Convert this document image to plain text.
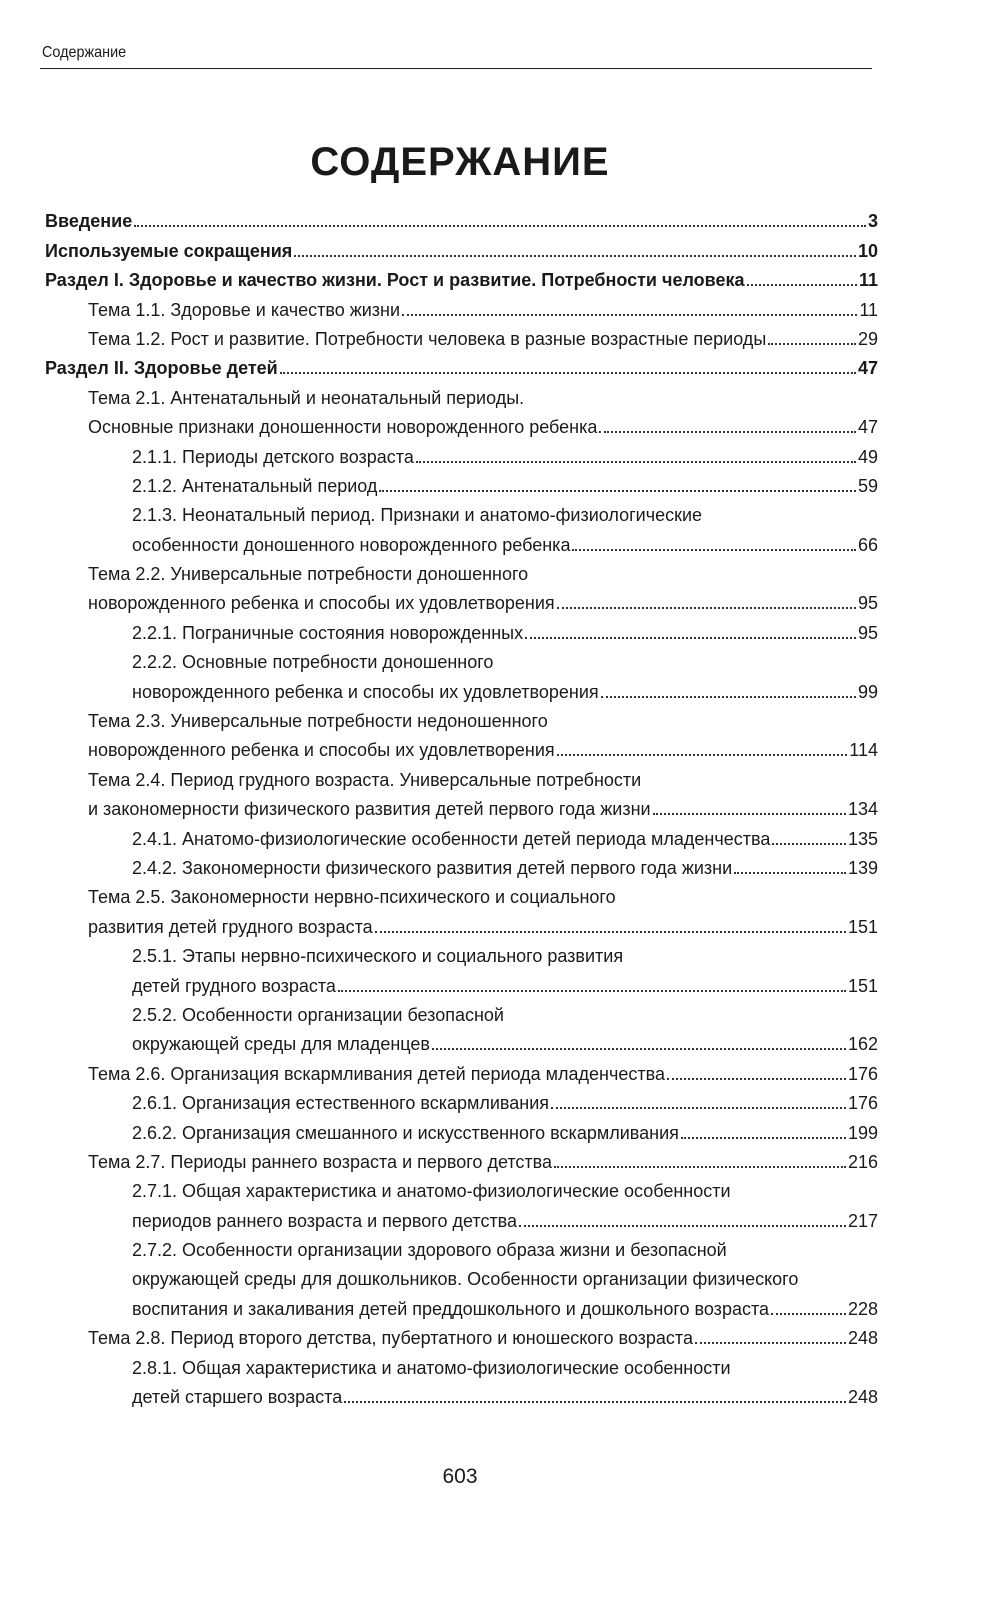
Содержание
СОДЕРЖАНИЕ
Введение	3
Используемые сокращения	10
Раздел I. Здоровье и качество жизни. Рост и развитие. Потребности человека	11
Тема 1.1. Здоровье и качество жизни	11
Тема 1.2. Рост и развитие. Потребности человека в разные возрастные периоды	29
Раздел II. Здоровье детей	47
Тема 2.1. Антенатальный и неонатальный периоды.
Основные признаки доношенности новорожденного ребенка.	47
2.1.1. Периоды детского возраста	49
2.1.2. Антенатальный период	59
2.1.3. Неонатальный период. Признаки и анатомо-физиологические
особенности доношенного новорожденного ребенка	66
Тема 2.2. Универсальные потребности доношенного
новорожденного ребенка и способы их удовлетворения	95
2.2.1. Пограничные состояния новорожденных	95
2.2.2. Основные потребности доношенного
новорожденного ребенка и способы их удовлетворения	99
Тема 2.3. Универсальные потребности недоношенного
новорожденного ребенка и способы их удовлетворения	114
Тема 2.4. Период грудного возраста. Универсальные потребности
и закономерности физического развития детей первого года жизни	134
2.4.1. Анатомо-физиологические особенности детей периода младенчества	135
2.4.2. Закономерности физического развития детей первого года жизни	139
Тема 2.5. Закономерности нервно-психического и социального
развития детей грудного возраста	151
2.5.1. Этапы нервно-психического и социального развития
детей грудного возраста	151
2.5.2. Особенности организации безопасной
окружающей среды для младенцев	162
Тема 2.6. Организация вскармливания детей периода младенчества	176
2.6.1. Организация естественного вскармливания	176
2.6.2. Организация смешанного и искусственного вскармливания	199
Тема 2.7. Периоды раннего возраста и первого детства	216
2.7.1. Общая характеристика и анатомо-физиологические особенности
периодов раннего возраста и первого детства	217
2.7.2. Особенности организации здорового образа жизни и безопасной
окружающей среды для дошкольников. Особенности организации физического
воспитания и закаливания детей преддошкольного и дошкольного возраста	228
Тема 2.8. Период второго детства, пубертатного и юношеского возраста	248
2.8.1. Общая характеристика и анатомо-физиологические особенности
детей старшего возраста	248
603
